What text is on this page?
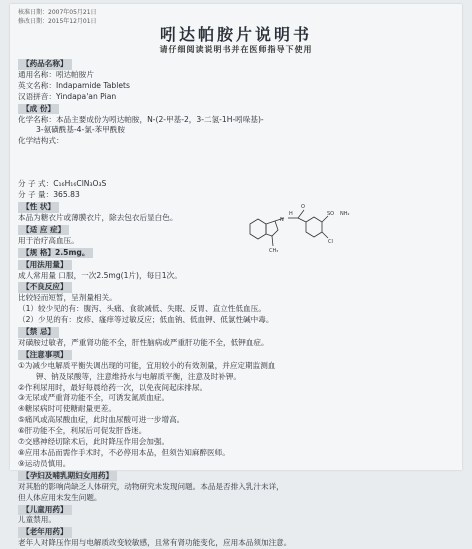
核准日期：2007年05月21日
修改日期：2015年12月01日
吲达帕胺片说明书
请仔细阅读说明书并在医师指导下使用
【药品名称】
通用名称：吲达帕胺片
英文名称：Indapamide Tablets
汉语拼音：Yindapa'an Pian
【成 份】
化学名称：本品主要成份为吲达帕胺，N-(2-甲基-2，3-二氢-1H-吲哚基)-
3-氨磺酰基-4-氯-苯甲酰胺
化学结构式：
分 子 式：C₁₆H₁₆ClN₃O₃S
分 子 量：365.83
【性 状】
本品为糖衣片或薄膜衣片，除去包衣后显白色。
【适 应 症】
用于治疗高血压。
【规 格】2.5mg。
【用法用量】
成人常用量 口服，一次2.5mg(1片)，每日1次。
【不良反应】
比较轻而短暂，呈剂量相关。
（1）较少见的有：腹泻、头痛、食欲减低、失眠、反胃、直立性低血压。
（2）少见的有：皮疹、瘙痒等过敏反应；低血钠、低血钾、低氯性碱中毒。
【禁 忌】
对磺胺过敏者，严重肾功能不全，肝性脑病或严重肝功能不全，低钾血症。
【注意事项】
①为减少电解质平衡失调出现的可能，宜用较小的有效剂量，并应定期监测血
钾、钠及尿酸等，注意维持水与电解质平衡，注意及时补钾。
②作利尿用时，最好每晨给药一次，以免夜间起床排尿。
③无尿或严重肾功能不全，可诱发氮质血症。
④糖尿病时可使糖耐量更差。
⑤痛风或高尿酸血症，此时血尿酸可进一步增高。
⑥肝功能不全，利尿后可促发肝昏迷。
⑦交感神经切除术后，此时降压作用会加强。
⑧应用本品而需作手术时，不必停用本品，但须告知麻醉医师。
⑨运动员慎用。
【孕妇及哺乳期妇女用药】
对其胎的影响尚缺乏人体研究，动物研究未发现问题。本品是否排入乳汁未详，
但人体应用未发生问题。
【儿童用药】
儿童禁用。
【老年用药】
老年人对降压作用与电解质改变较敏感，且常有肾功能变化，应用本品须加注意。
N
H
O
SO NH₂
Cl
CH₃
